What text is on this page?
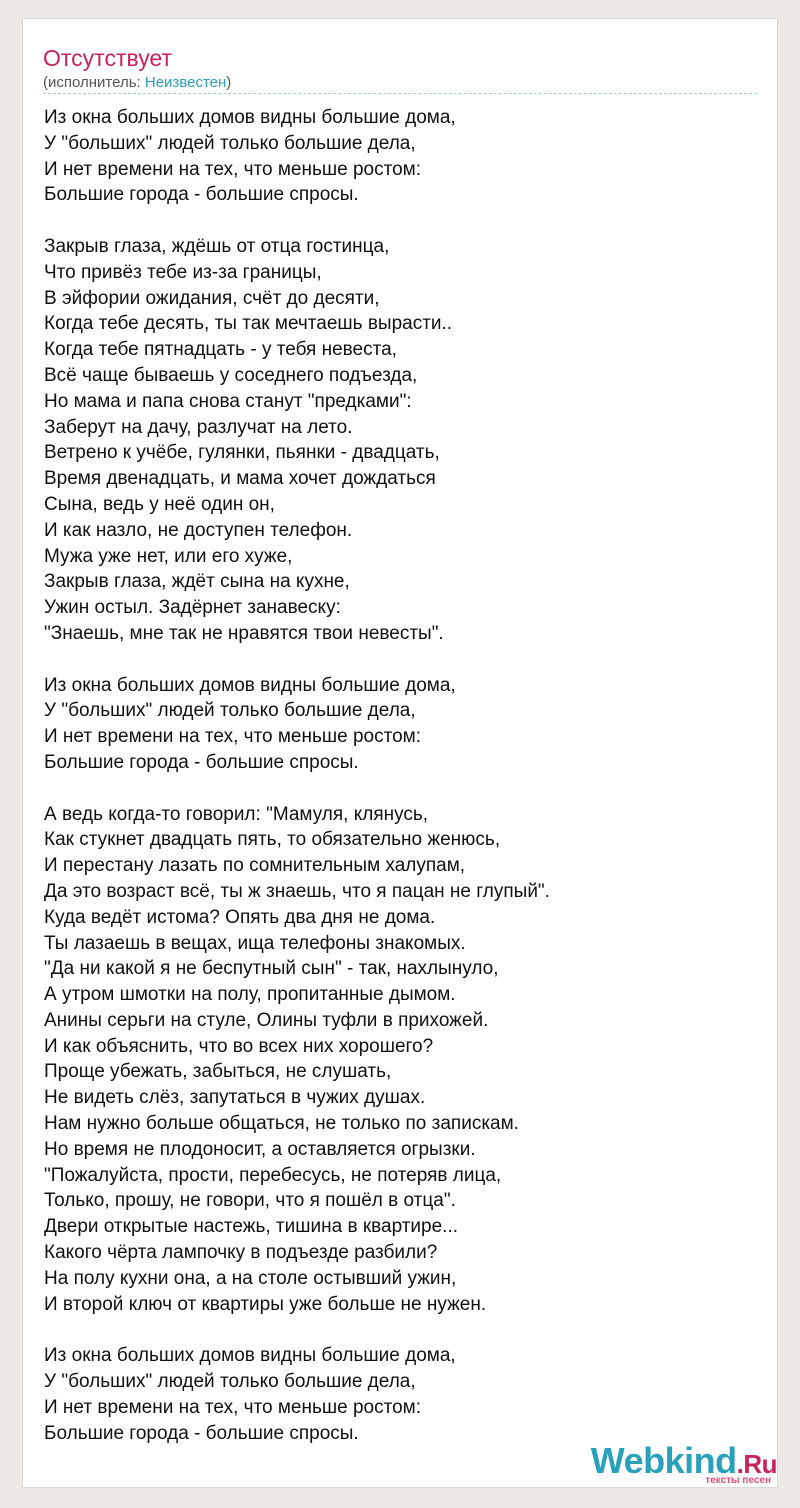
Отсутствует
(исполнитель: Неизвестен)
Из окна больших домов видны большие дома,
У "больших" людей только большие дела,
И нет времени на тех, что меньше ростом:
Большие города - большие спросы.

Закрыв глаза, ждёшь от отца гостинца,
Что привёз тебе из-за границы,
В эйфории ожидания, счёт до десяти,
Когда тебе десять, ты так мечтаешь вырасти..
Когда тебе пятнадцать - у тебя невеста,
Всё чаще бываешь у соседнего подъезда,
Но мама и папа снова станут "предками":
Заберут на дачу, разлучат на лето.
Ветрено к учёбе, гулянки, пьянки - двадцать,
Время двенадцать, и мама хочет дождаться
Сына, ведь у неё один он,
И как назло, не доступен телефон.
Мужа уже нет, или его хуже,
Закрыв глаза, ждёт сына на кухне,
Ужин остыл. Задёрнет занавеску:
"Знаешь, мне так не нравятся твои невесты".

Из окна больших домов видны большие дома,
У "больших" людей только большие дела,
И нет времени на тех, что меньше ростом:
Большие города - большие спросы.

А ведь когда-то говорил: "Мамуля, клянусь,
Как стукнет двадцать пять, то обязательно женюсь,
И перестану лазать по сомнительным халупам,
Да это возраст всё, ты ж знаешь, что я пацан не глупый".
Куда ведёт истома? Опять два дня не дома.
Ты лазаешь в вещах, ища телефоны знакомых.
"Да ни какой я не беспутный сын" - так, нахлынуло,
А утром шмотки на полу, пропитанные дымом.
Анины серьги на стуле, Олины туфли в прихожей.
И как объяснить, что во всех них хорошего?
Проще убежать, забыться, не слушать,
Не видеть слёз, запутаться в чужих душах.
Нам нужно больше общаться, не только по запискам.
Но время не плодоносит, а оставляется огрызки.
"Пожалуйста, прости, перебесусь, не потеряв лица,
Только, прошу, не говори, что я пошёл в отца".
Двери открытые настежь, тишина в квартире...
Какого чёрта лампочку в подъезде разбили?
На полу кухни она, а на столе остывший ужин,
И второй ключ от квартиры уже больше не нужен.

Из окна больших домов видны большие дома,
У "больших" людей только большие дела,
И нет времени на тех, что меньше ростом:
Большие города - большие спросы.
Webkind.Ru
тексты песен
